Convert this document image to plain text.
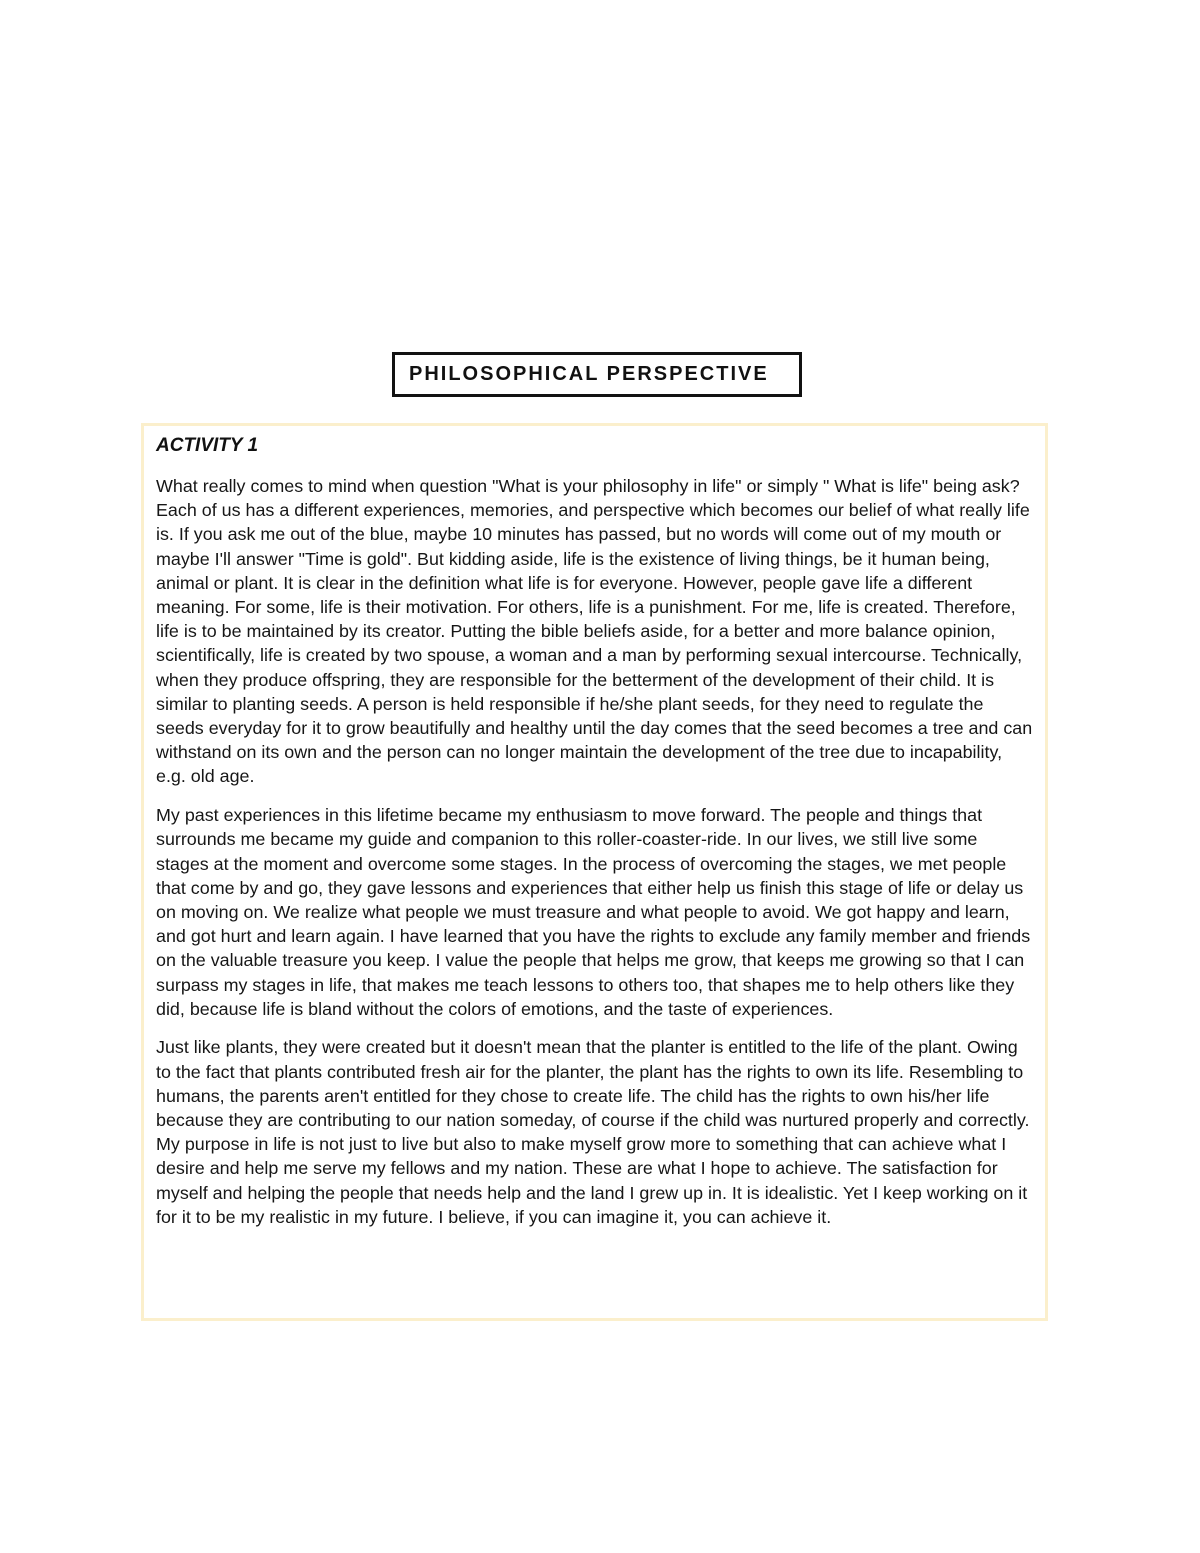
PHILOSOPHICAL PERSPECTIVE
ACTIVITY 1

What really comes to mind when question "What is your philosophy in life" or simply " What is life" being ask? Each of us has a different experiences, memories, and perspective which becomes our belief of what really life is. If you ask me out of the blue, maybe 10 minutes has passed, but no words will come out of my mouth or maybe I'll answer "Time is gold". But kidding aside, life is the existence of living things, be it human being, animal or plant. It is clear in the definition what life is for everyone. However, people gave life a different meaning. For some, life is their motivation. For others, life is a punishment. For me, life is created. Therefore, life is to be maintained by its creator. Putting the bible beliefs aside, for a better and more balance opinion, scientifically, life is created by two spouse, a woman and a man by performing sexual intercourse. Technically, when they produce offspring, they are responsible for the betterment of the development of their child. It is similar to planting seeds. A person is held responsible if he/she plant seeds, for they need to regulate the seeds everyday for it to grow beautifully and healthy until the day comes that the seed becomes a tree and can withstand on its own and the person can no longer maintain the development of the tree due to incapability, e.g. old age.

My past experiences in this lifetime became my enthusiasm to move forward. The people and things that surrounds me became my guide and companion to this roller-coaster-ride. In our lives, we still live some stages at the moment and overcome some stages. In the process of overcoming the stages, we met people that come by and go, they gave lessons and experiences that either help us finish this stage of life or delay us on moving on. We realize what people we must treasure and what people to avoid. We got happy and learn, and got hurt and learn again. I have learned that you have the rights to exclude any family member and friends on the valuable treasure you keep. I value the people that helps me grow, that keeps me growing so that I can surpass my stages in life, that makes me teach lessons to others too, that shapes me to help others like they did, because life is bland without the colors of emotions, and the taste of experiences.

Just like plants, they were created but it doesn't mean that the planter is entitled to the life of the plant. Owing to the fact that plants contributed fresh air for the planter, the plant has the rights to own its life. Resembling to humans, the parents aren't entitled for they chose to create life. The child has the rights to own his/her life because they are contributing to our nation someday, of course if the child was nurtured properly and correctly. My purpose in life is not just to live but also to make myself grow more to something that can achieve what I desire and help me serve my fellows and my nation. These are what I hope to achieve. The satisfaction for myself and helping the people that needs help and the land I grew up in. It is idealistic. Yet I keep working on it for it to be my realistic in my future. I believe, if you can imagine it, you can achieve it.
